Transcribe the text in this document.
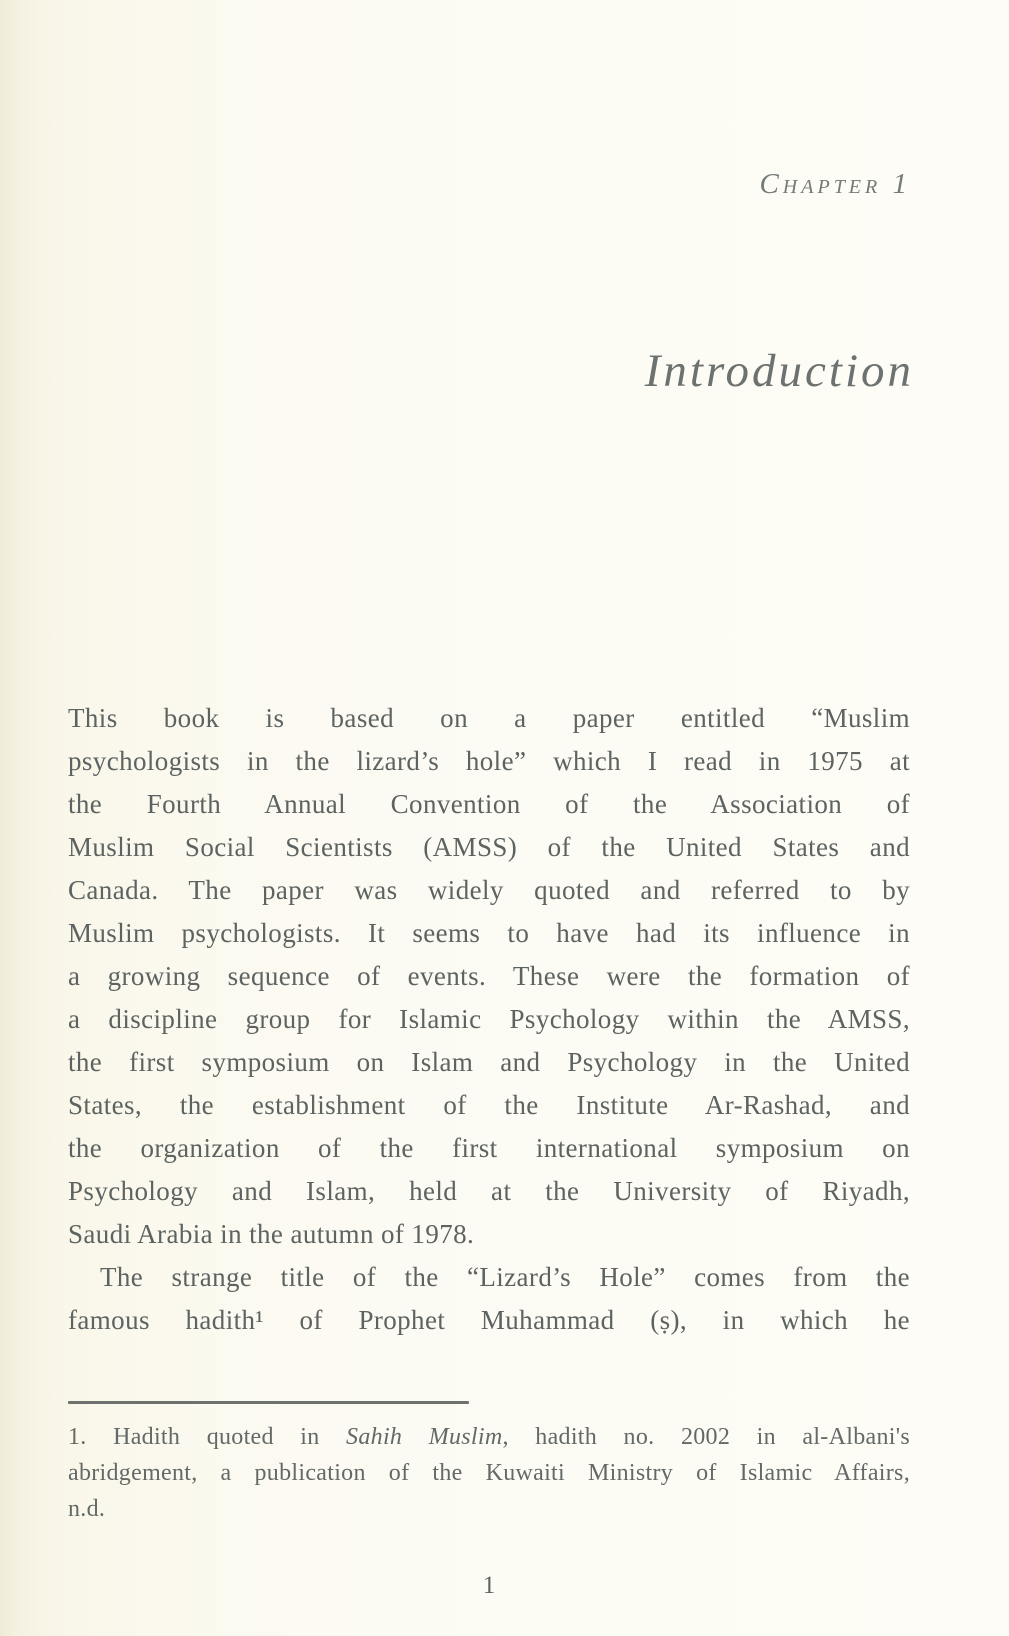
Chapter 1
Introduction
This book is based on a paper entitled “Muslim
psychologists in the lizard’s hole” which I read in 1975 at
the Fourth Annual Convention of the Association of
Muslim Social Scientists (AMSS) of the United States and
Canada. The paper was widely quoted and referred to by
Muslim psychologists. It seems to have had its influence in
a growing sequence of events. These were the formation of
a discipline group for Islamic Psychology within the AMSS,
the first symposium on Islam and Psychology in the United
States, the establishment of the Institute Ar-Rashad, and
the organization of the first international symposium on
Psychology and Islam, held at the University of Riyadh,
Saudi Arabia in the autumn of 1978.
The strange title of the “Lizard’s Hole” comes from the
famous hadith¹ of Prophet Muhammad (ṣ), in which he
1. Hadith quoted in Sahih Muslim, hadith no. 2002 in al-Albani's
abridgement, a publication of the Kuwaiti Ministry of Islamic Affairs,
n.d.
1
